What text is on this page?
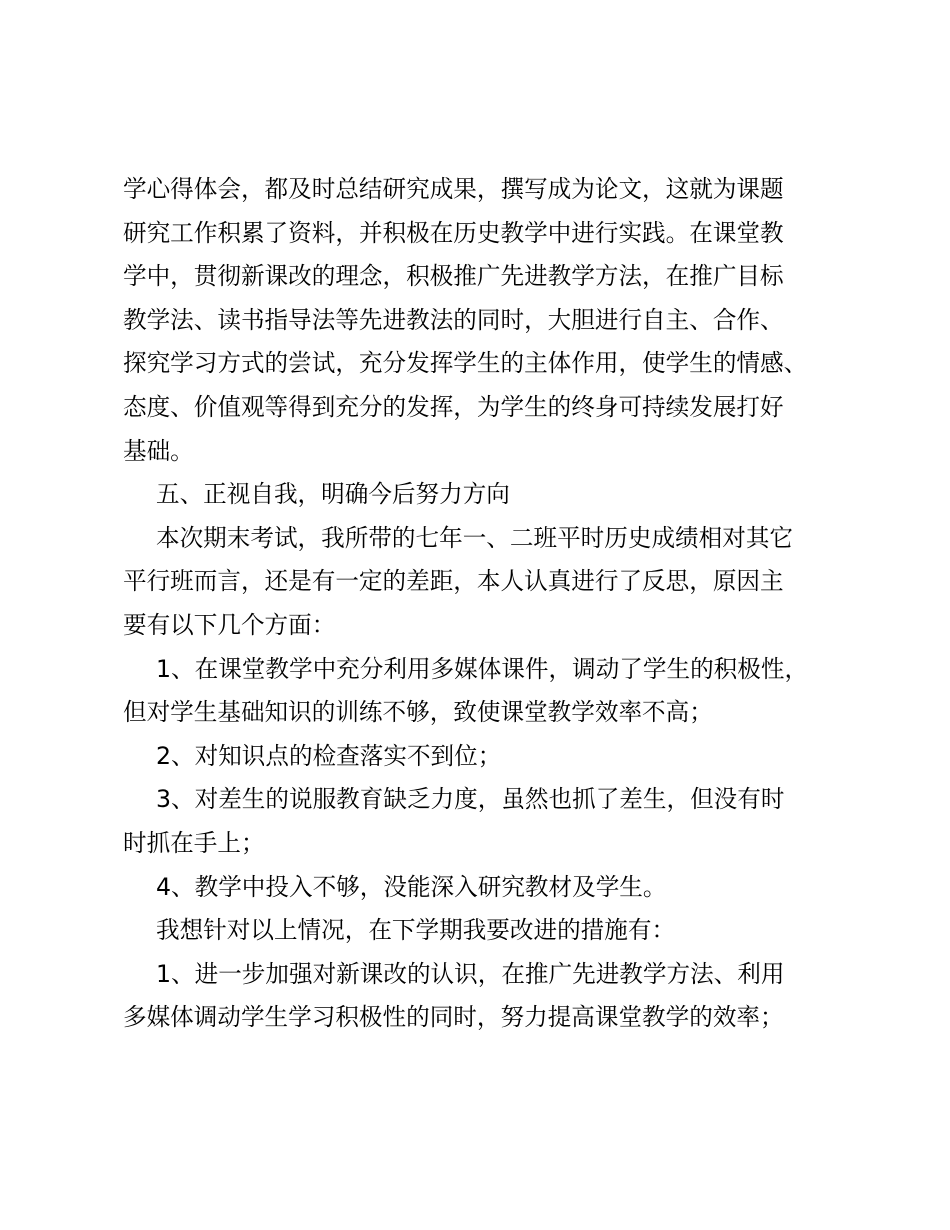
学心得体会，都及时总结研究成果，撰写成为论文，这就为课题
研究工作积累了资料，并积极在历史教学中进行实践。在课堂教
学中，贯彻新课改的理念，积极推广先进教学方法，在推广目标
教学法、读书指导法等先进教法的同时，大胆进行自主、合作、
探究学习方式的尝试，充分发挥学生的主体作用，使学生的情感、
态度、价值观等得到充分的发挥，为学生的终身可持续发展打好
基础。
五、正视自我，明确今后努力方向
本次期末考试，我所带的七年一、二班平时历史成绩相对其它
平行班而言，还是有一定的差距，本人认真进行了反思，原因主
要有以下几个方面：
1、在课堂教学中充分利用多媒体课件，调动了学生的积极性，
但对学生基础知识的训练不够，致使课堂教学效率不高；
2、对知识点的检查落实不到位；
3、对差生的说服教育缺乏力度，虽然也抓了差生，但没有时
时抓在手上；
4、教学中投入不够，没能深入研究教材及学生。
我想针对以上情况，在下学期我要改进的措施有：
1、进一步加强对新课改的认识，在推广先进教学方法、利用
多媒体调动学生学习积极性的同时，努力提高课堂教学的效率；
